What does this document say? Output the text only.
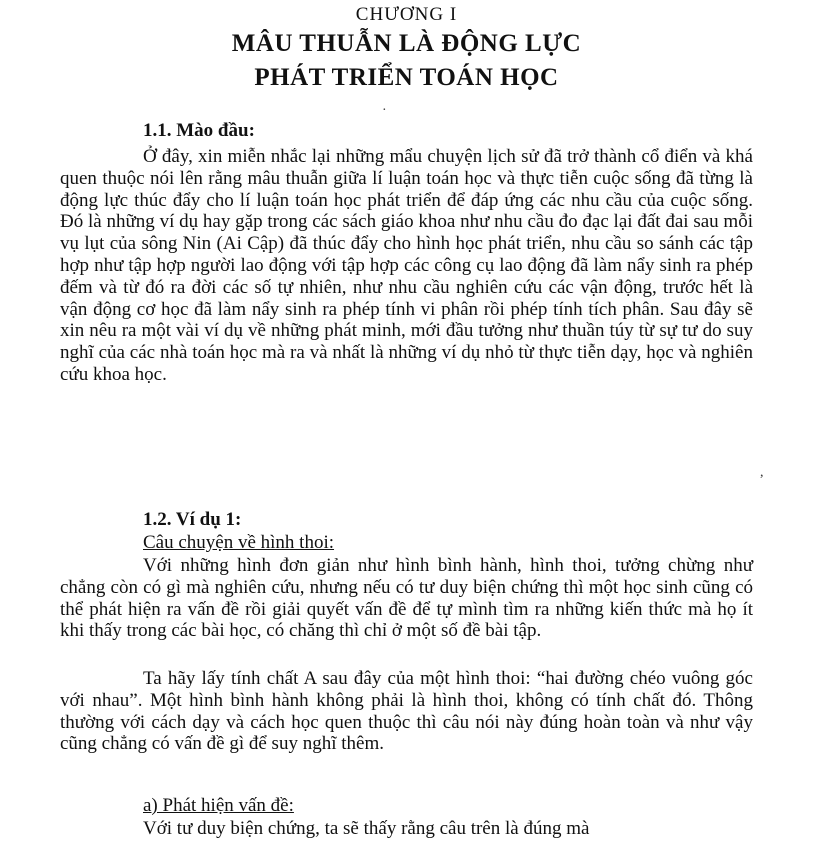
CHƯƠNG I
MÂU THUẪN LÀ ĐỘNG LỰC
PHÁT TRIỂN TOÁN HỌC
·
1.1. Mào đầu:
Ở đây, xin miễn nhắc lại những mẩu chuyện lịch sử đã trở thành cổ điển và khá quen thuộc nói lên rằng mâu thuẫn giữa lí luận toán học và thực tiễn cuộc sống đã từng là động lực thúc đẩy cho lí luận toán học phát triển để đáp ứng các nhu cầu của cuộc sống. Đó là những ví dụ hay gặp trong các sách giáo khoa như nhu cầu đo đạc lại đất đai sau mỗi vụ lụt của sông Nin (Ai Cập) đã thúc đẩy cho hình học phát triển, nhu cầu so sánh các tập hợp như tập hợp người lao động với tập hợp các công cụ lao động đã làm nẩy sinh ra phép đếm và từ đó ra đời các số tự nhiên, như nhu cầu nghiên cứu các vận động, trước hết là vận động cơ học đã làm nẩy sinh ra phép tính vi phân rồi phép tính tích phân. Sau đây sẽ xin nêu ra một vài ví dụ về những phát minh, mới đầu tưởng như thuần túy từ sự tư do suy nghĩ của các nhà toán học mà ra và nhất là những ví dụ nhỏ từ thực tiễn dạy, học và nghiên cứu khoa học.
,
1.2. Ví dụ 1:
Câu chuyện về hình thoi:
Với những hình đơn giản như hình bình hành, hình thoi, tưởng chừng như chẳng còn có gì mà nghiên cứu, nhưng nếu có tư duy biện chứng thì một học sinh cũng có thể phát hiện ra vấn đề rồi giải quyết vấn đề để tự mình tìm ra những kiến thức mà họ ít khi thấy trong các bài học, có chăng thì chỉ ở một số đề bài tập.
Ta hãy lấy tính chất A sau đây của một hình thoi: “hai đường chéo vuông góc với nhau”. Một hình bình hành không phải là hình thoi, không có tính chất đó. Thông thường với cách dạy và cách học quen thuộc thì câu nói này đúng hoàn toàn và như vậy cũng chẳng có vấn đề gì để suy nghĩ thêm.
a) Phát hiện vấn đề:
Với tư duy biện chứng, ta sẽ thấy rằng câu trên là đúng mà
